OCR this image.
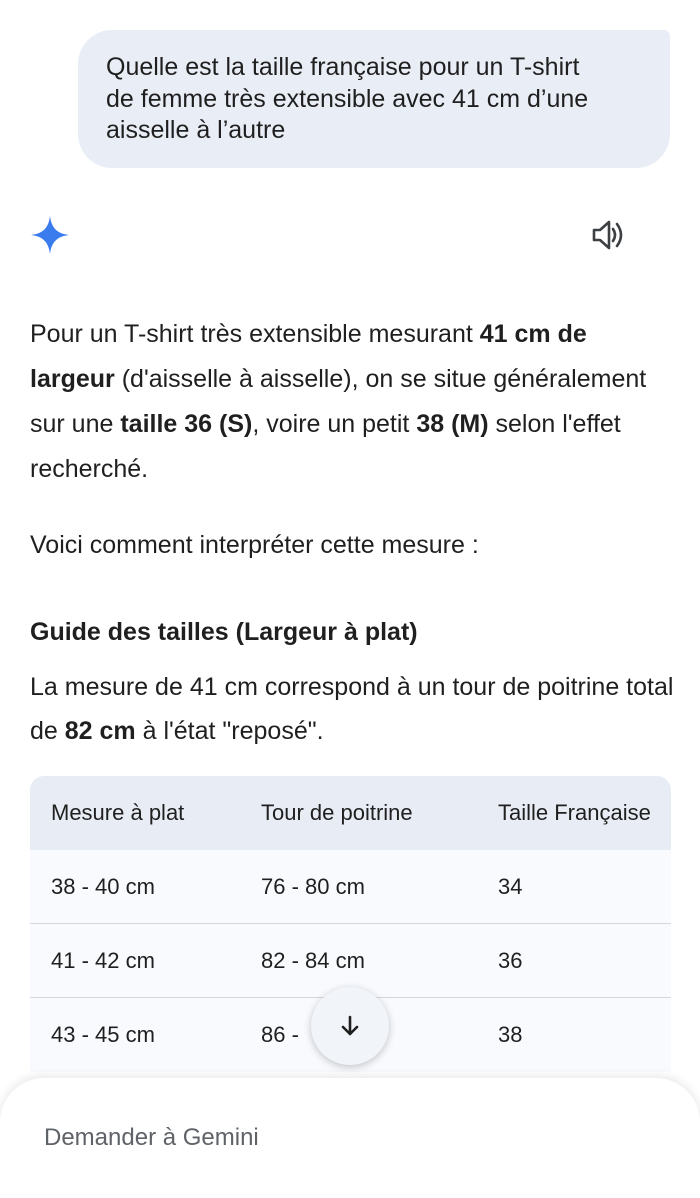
Quelle est la taille française pour un T-shirt
de femme très extensible avec 41 cm d’une
aisselle à l’autre
Pour un T-shirt très extensible mesurant 41 cm de largeur (d'aisselle à aisselle), on se situe généralement sur une taille 36 (S), voire un petit 38 (M) selon l'effet recherché.
Voici comment interpréter cette mesure :
Guide des tailles (Largeur à plat)
La mesure de 41 cm correspond à un tour de poitrine total de 82 cm à l'état "reposé".
Mesure à plat	Tour de poitrine	Taille Française
38 - 40 cm	76 - 80 cm	34
41 - 42 cm	82 - 84 cm	36
43 - 45 cm	86 -	38
Demander à Gemini
